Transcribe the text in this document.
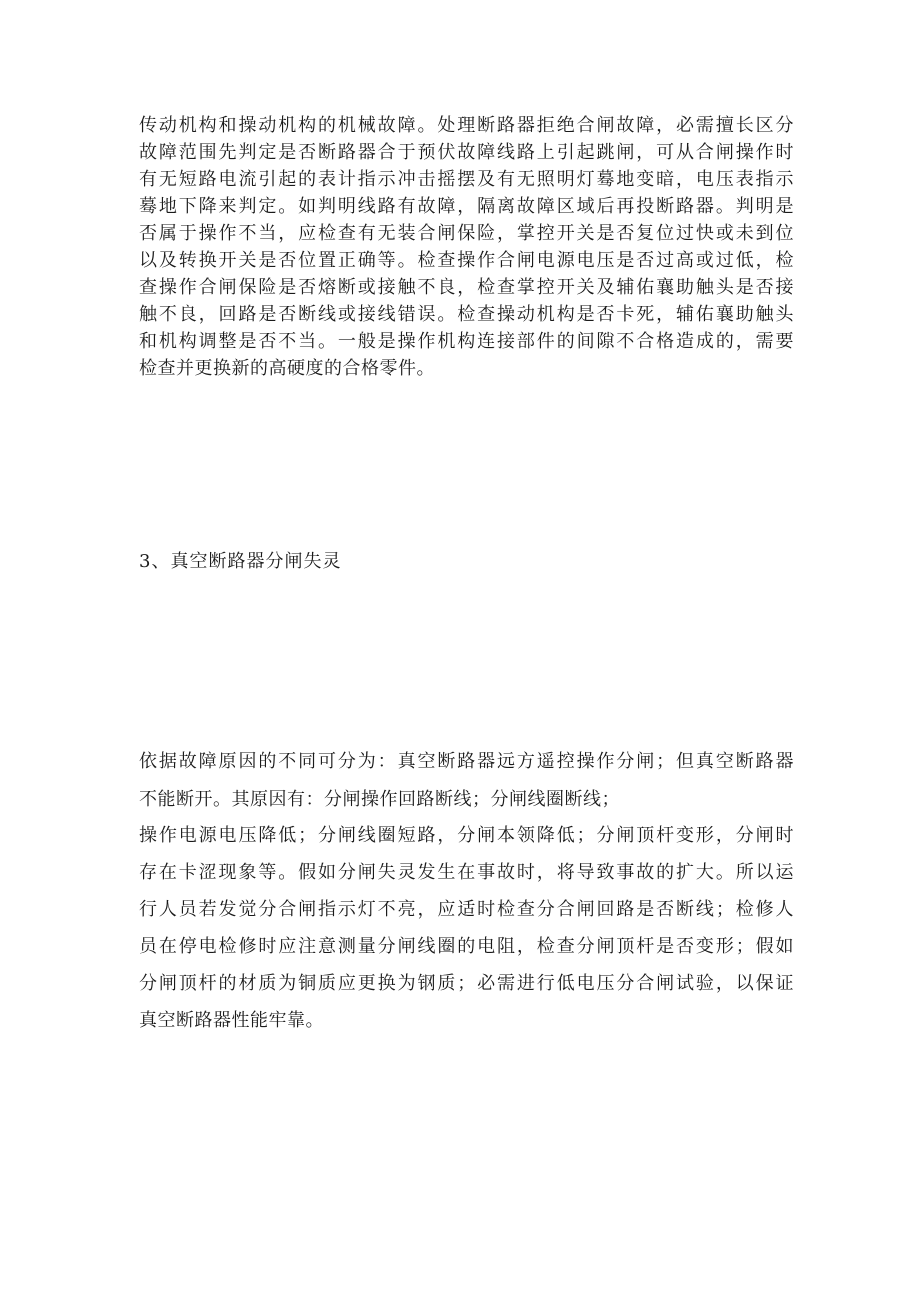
传动机构和操动机构的机械故障。处理断路器拒绝合闸故障，必需擅长区分
故障范围先判定是否断路器合于预伏故障线路上引起跳闸，可从合闸操作时
有无短路电流引起的表计指示冲击摇摆及有无照明灯蓦地变暗，电压表指示
蓦地下降来判定。如判明线路有故障，隔离故障区域后再投断路器。判明是
否属于操作不当，应检查有无装合闸保险，掌控开关是否复位过快或未到位
以及转换开关是否位置正确等。检查操作合闸电源电压是否过高或过低，检
查操作合闸保险是否熔断或接触不良，检查掌控开关及辅佑襄助触头是否接
触不良，回路是否断线或接线错误。检查操动机构是否卡死，辅佑襄助触头
和机构调整是否不当。一般是操作机构连接部件的间隙不合格造成的，需要
检查并更换新的高硬度的合格零件。
3、真空断路器分闸失灵
依据故障原因的不同可分为：真空断路器远方遥控操作分闸；但真空断路器
不能断开。其原因有：分闸操作回路断线；分闸线圈断线；
操作电源电压降低；分闸线圈短路，分闸本领降低；分闸顶杆变形，分闸时
存在卡涩现象等。假如分闸失灵发生在事故时，将导致事故的扩大。所以运
行人员若发觉分合闸指示灯不亮，应适时检查分合闸回路是否断线；检修人
员在停电检修时应注意测量分闸线圈的电阻，检查分闸顶杆是否变形；假如
分闸顶杆的材质为铜质应更换为钢质；必需进行低电压分合闸试验，以保证
真空断路器性能牢靠。
